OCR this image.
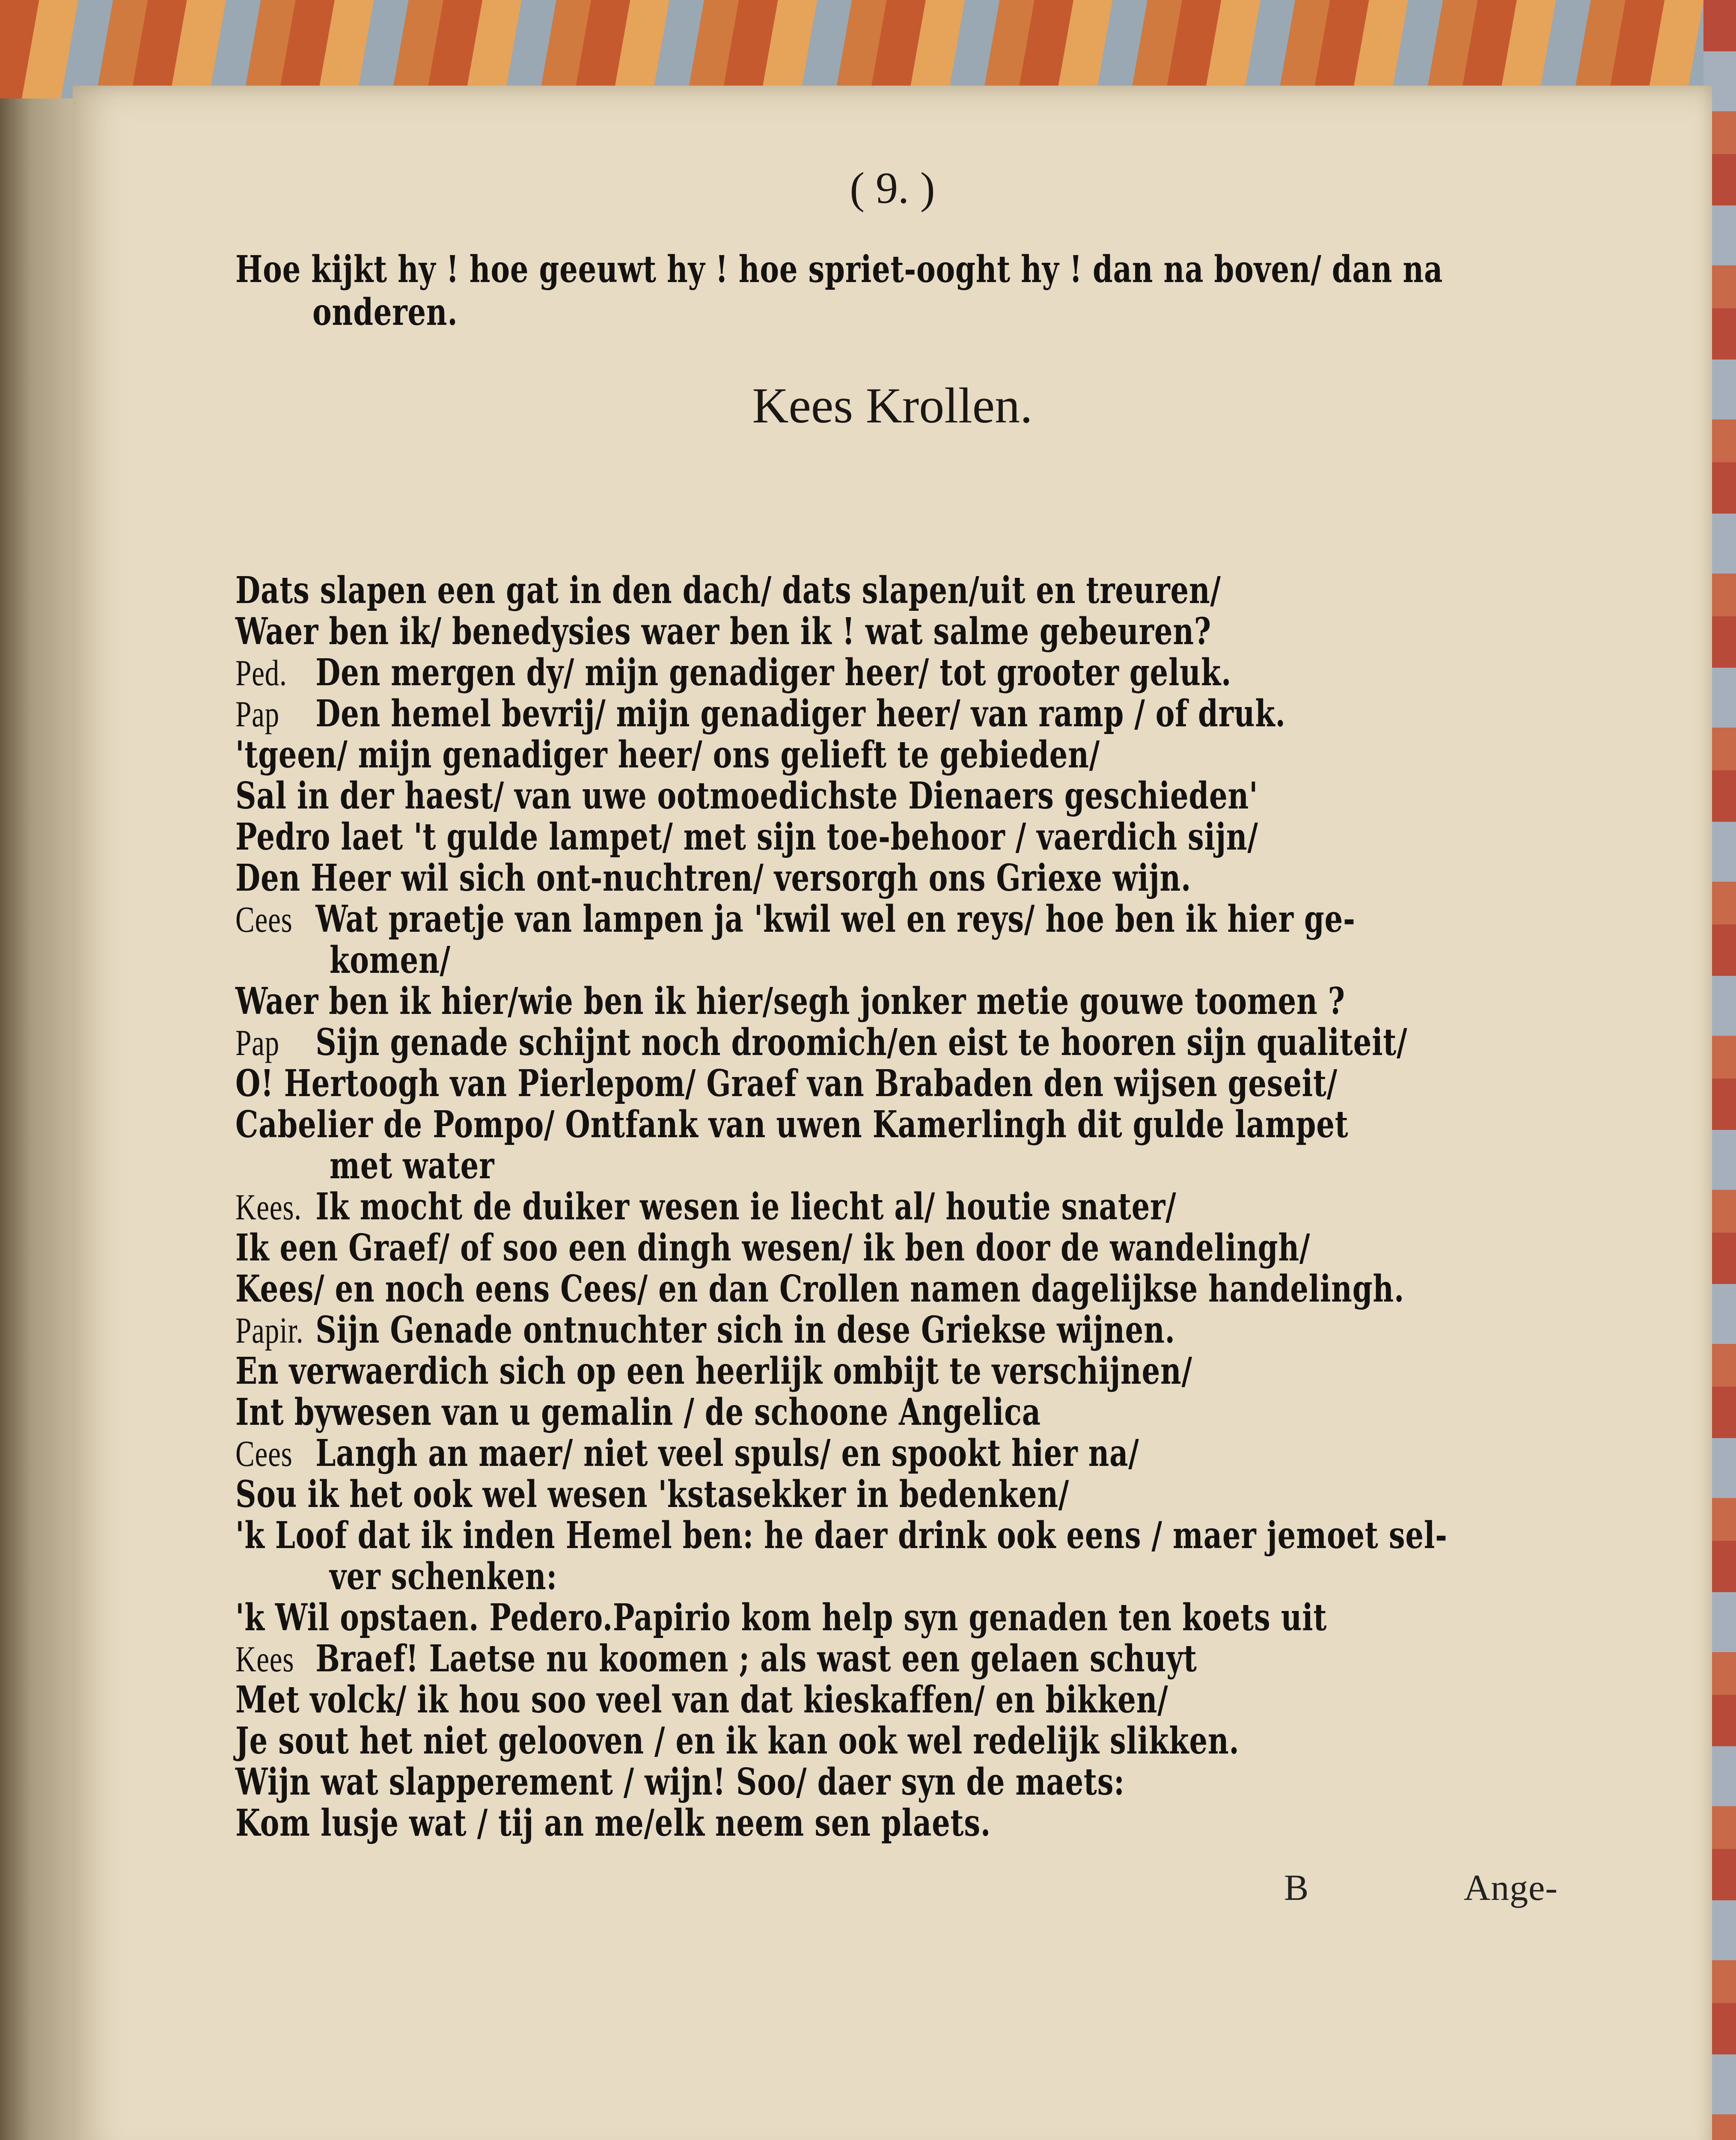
( 9. )
Hoe kijkt hy ! hoe geeuwt hy ! hoe spriet-ooght hy ! dan na boven/ dan na
onderen.
Kees Krollen.
Dats slapen een gat in den dach/ dats slapen/uit en treuren/
Waer ben ik/ benedysies waer ben ik ! wat salme gebeuren?
Ped. Den mergen dy/ mijn genadiger heer/ tot grooter geluk.
Pap Den hemel bevrij/ mijn genadiger heer/ van ramp / of druk.
'tgeen/ mijn genadiger heer/ ons gelieft te gebieden/
Sal in der haest/ van uwe ootmoedichste Dienaers geschieden'
Pedro laet 't gulde lampet/ met sijn toe-behoor / vaerdich sijn/
Den Heer wil sich ont-nuchtren/ versorgh ons Griexe wijn.
Cees Wat praetje van lampen ja 'kwil wel en reys/ hoe ben ik hier ge-
komen/
Waer ben ik hier/wie ben ik hier/segh jonker metie gouwe toomen ?
Pap Sijn genade schijnt noch droomich/en eist te hooren sijn qualiteit/
O! Hertoogh van Pierlepom/ Graef van Brabaden den wijsen geseit/
Cabelier de Pompo/ Ontfank van uwen Kamerlingh dit gulde lampet
met water
Kees. Ik mocht de duiker wesen ie liecht al/ houtie snater/
Ik een Graef/ of soo een dingh wesen/ ik ben door de wandelingh/
Kees/ en noch eens Cees/ en dan Crollen namen dagelijkse handelingh.
Papir. Sijn Genade ontnuchter sich in dese Griekse wijnen.
En verwaerdich sich op een heerlijk ombijt te verschijnen/
Int bywesen van u gemalin / de schoone Angelica
Cees Langh an maer/ niet veel spuls/ en spookt hier na/
Sou ik het ook wel wesen 'kstasekker in bedenken/
'k Loof dat ik inden Hemel ben: he daer drink ook eens / maer jemoet sel-
ver schenken:
'k Wil opstaen. Pedero.Papirio kom help syn genaden ten koets uit
Kees Braef! Laetse nu koomen ; als wast een gelaen schuyt
Met volck/ ik hou soo veel van dat kieskaffen/ en bikken/
Je sout het niet gelooven / en ik kan ook wel redelijk slikken.
Wijn wat slapperement / wijn! Soo/ daer syn de maets:
Kom lusje wat / tij an me/elk neem sen plaets.
B	Ange-
